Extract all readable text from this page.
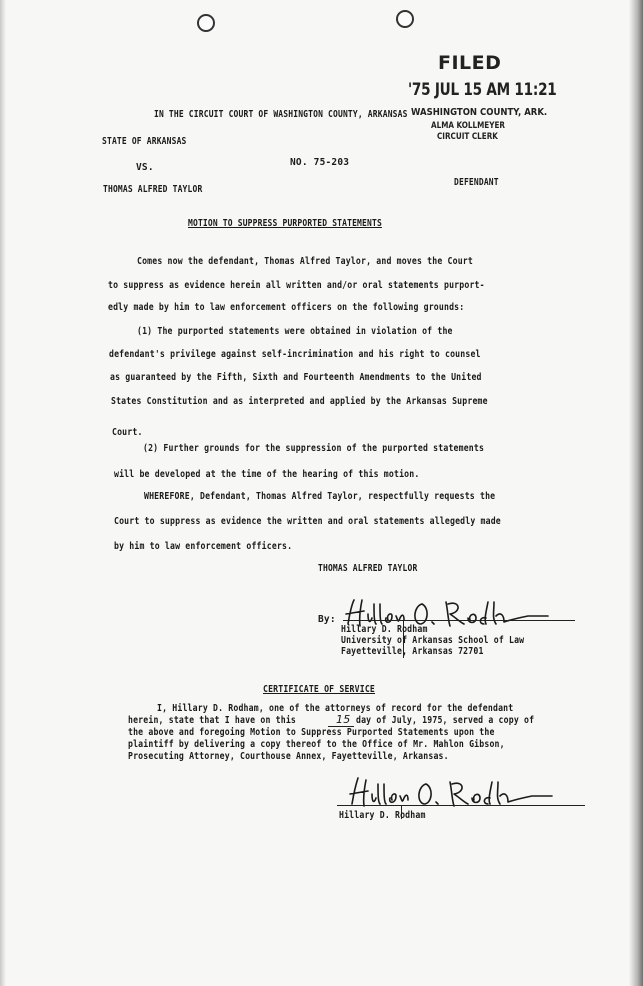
FILED
'75 JUL 15 AM 11:21
WASHINGTON COUNTY, ARK.
ALMA KOLLMEYER
CIRCUIT CLERK
IN THE CIRCUIT COURT OF WASHINGTON COUNTY, ARKANSAS
STATE OF ARKANSAS
VS.	NO. 75-203
THOMAS ALFRED TAYLOR
DEFENDANT
MOTION TO SUPPRESS PURPORTED STATEMENTS
Comes now the defendant, Thomas Alfred Taylor, and moves the Court
to suppress as evidence herein all written and/or oral statements purport-
edly made by him to law enforcement officers on the following grounds:
(1) The purported statements were obtained in violation of the
defendant's privilege against self-incrimination and his right to counsel
as guaranteed by the Fifth, Sixth and Fourteenth Amendments to the United
States Constitution and as interpreted and applied by the Arkansas Supreme
Court.
(2) Further grounds for the suppression of the purported statements
will be developed at the time of the hearing of this motion.
WHEREFORE, Defendant, Thomas Alfred Taylor, respectfully requests the
Court to suppress as evidence the written and oral statements allegedly made
by him to law enforcement officers.
THOMAS ALFRED TAYLOR
By:
Hillary D. Rodham
University of Arkansas School of Law
Fayetteville, Arkansas 72701
CERTIFICATE OF SERVICE
I, Hillary D. Rodham, one of the attorneys of record for the defendant
herein, state that I have on this	15 day of July, 1975, served a copy of
the above and foregoing Motion to Suppress Purported Statements upon the
plaintiff by delivering a copy thereof to the Office of Mr. Mahlon Gibson,
Prosecuting Attorney, Courthouse Annex, Fayetteville, Arkansas.
Hillary D. Rodham
